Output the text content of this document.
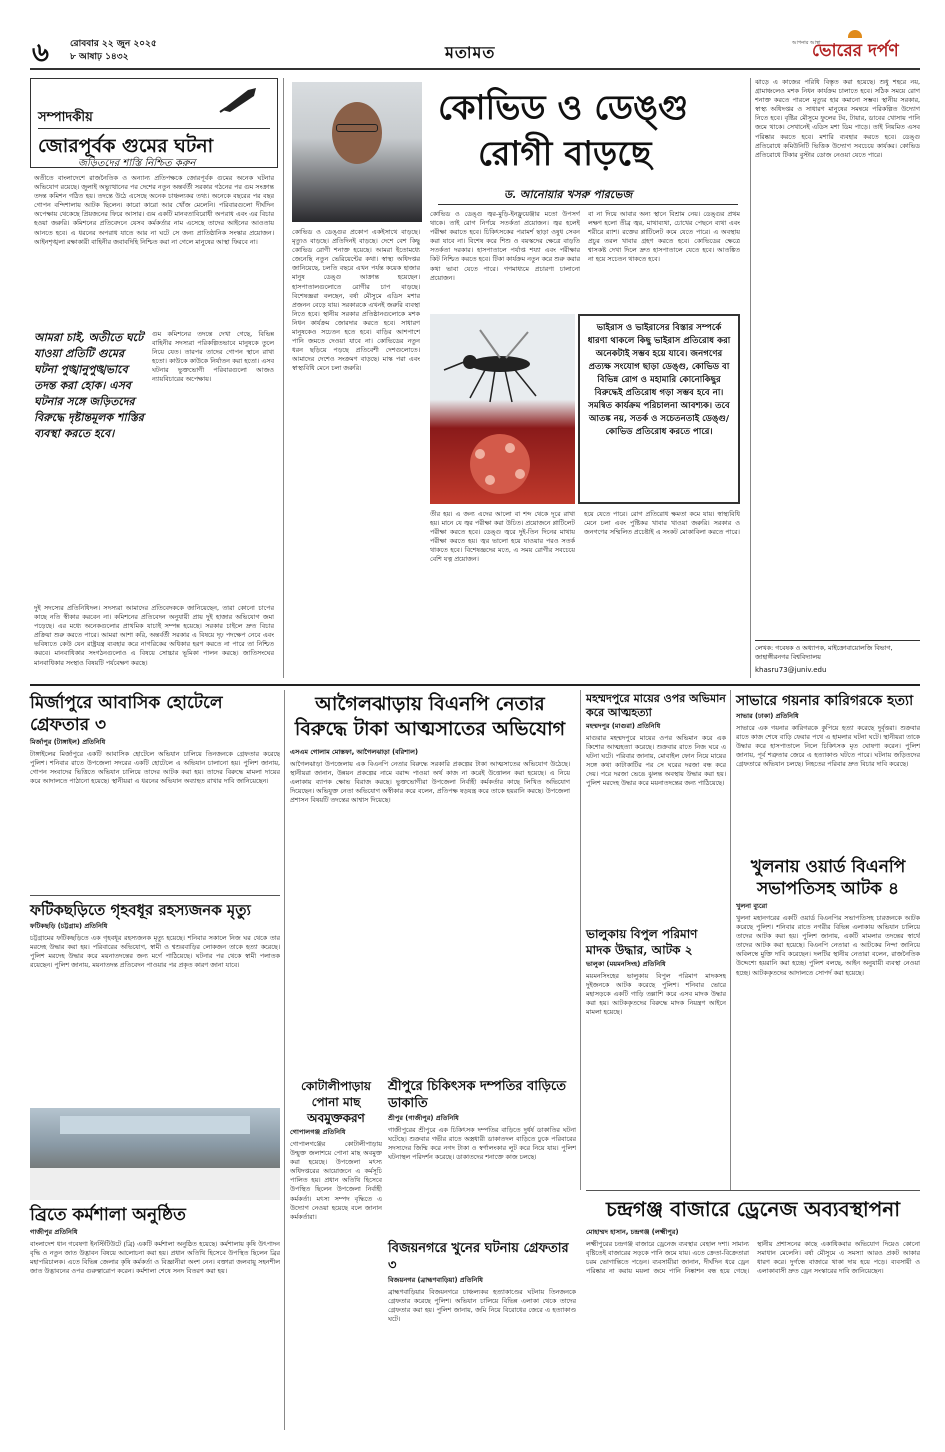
৬ রোববার ২২ জুন ২০২৫
৮ আষাঢ় ১৪৩২	মতামত	আপনার আস্থা
ভোরের দর্পণ
সম্পাদকীয়
জোরপূর্বক গুমের ঘটনা
জড়িতদের শাস্তি নিশ্চিত করুন
অতীতে বাংলাদেশে রাজনৈতিক ও অন্যান্য প্রতিপক্ষকে জোরপূর্বক গুমের অনেক ঘটনার অভিযোগ রয়েছে। জুলাই অভ্যুত্থানের পর দেশের নতুন অন্তর্বর্তী সরকার গঠনের পর গুম সংক্রান্ত তদন্ত কমিশন গঠিত হয়। তদন্তে উঠে এসেছে অনেক চাঞ্চল্যকর তথ্য। অনেকে বছরের পর বছর গোপন বন্দিশালায় আটক ছিলেন। কারো কারো আর খোঁজ মেলেনি। পরিবারগুলো দীর্ঘদিন অপেক্ষায় থেকেছে প্রিয়জনের ফিরে আসার। গুম একটি মানবতাবিরোধী অপরাধ এবং এর বিচার হওয়া জরুরি। কমিশনের প্রতিবেদনে যেসব কর্মকর্তার নাম এসেছে তাদের আইনের আওতায় আনতে হবে। এ ধরনের অপরাধ যাতে আর না ঘটে সে জন্য প্রাতিষ্ঠানিক সংস্কার প্রয়োজন। আইনশৃঙ্খলা রক্ষাকারী বাহিনীর জবাবদিহি নিশ্চিত করা না গেলে মানুষের আস্থা ফিরবে না।
আমরা চাই, অতীতে ঘটে যাওয়া প্রতিটি গুমের ঘটনা পুঙ্খানুপুঙ্খভাবে তদন্ত করা হোক। এসব ঘটনার সঙ্গে জড়িতদের বিরুদ্ধে দৃষ্টান্তমূলক শাস্তির ব্যবস্থা করতে হবে।
গুম কমিশনের তদন্তে দেখা গেছে, বিভিন্ন বাহিনীর সদস্যরা পরিকল্পিতভাবে মানুষকে তুলে নিয়ে যেত। তারপর তাদের গোপন স্থানে রাখা হতো। কাউকে কাউকে নির্যাতন করা হতো। এসব ঘটনার ভুক্তভোগী পরিবারগুলো আজও ন্যায়বিচারের অপেক্ষায়।
দুই সদস্যের প্রতিনিধিদল। সদস্যরা আমাদের প্রতিবেদককে জানিয়েছেন, তারা কোনো চাপের কাছে নতি স্বীকার করবেন না। কমিশনের প্রতিবেদন অনুযায়ী প্রায় দুই হাজার অভিযোগ জমা পড়েছে। এর মধ্যে অনেকগুলোর প্রাথমিক যাচাই সম্পন্ন হয়েছে। সরকার চাইলে দ্রুত বিচার প্রক্রিয়া শুরু করতে পারে। আমরা আশা করি, অন্তর্বর্তী সরকার এ বিষয়ে দৃঢ় পদক্ষেপ নেবে এবং ভবিষ্যতে কেউ যেন রাষ্ট্রযন্ত্র ব্যবহার করে নাগরিকের অধিকার হরণ করতে না পারে তা নিশ্চিত করবে। মানবাধিকার সংগঠনগুলোও এ বিষয়ে সোচ্চার ভূমিকা পালন করছে। জাতিসংঘের মানবাধিকার সংস্থাও বিষয়টি পর্যবেক্ষণ করছে।
কোভিড ও ডেঙ্গু
রোগী বাড়ছে
ড. আনোয়ার খসরু পারভেজ
কোভিড ও ডেঙ্গুর প্রকোপ একইসাথে বাড়ছে। মৃত্যুও বাড়ছে। প্রতিদিনই বাড়ছে। দেশে বেশ কিছু কোভিড রোগী শনাক্ত হয়েছে। আমরা ইতোমধ্যে জেনেছি নতুন ভেরিয়েন্টের কথা। স্বাস্থ্য অধিদপ্তর জানিয়েছে, চলতি বছরে এখন পর্যন্ত কয়েক হাজার মানুষ ডেঙ্গু আক্রান্ত হয়েছেন। হাসপাতালগুলোতে রোগীর চাপ বাড়ছে। বিশেষজ্ঞরা বলছেন, বর্ষা মৌসুমে এডিস মশার প্রজনন বেড়ে যায়। সরকারকে এখনই জরুরি ব্যবস্থা নিতে হবে। স্থানীয় সরকার প্রতিষ্ঠানগুলোকে মশক নিধন কার্যক্রম জোরদার করতে হবে। সাধারণ মানুষকেও সচেতন হতে হবে। বাড়ির আশপাশে পানি জমতে দেওয়া যাবে না। কোভিডের নতুন ধরন ছড়িয়ে পড়ছে প্রতিবেশী দেশগুলোতে। আমাদের দেশেও সংক্রমণ বাড়ছে। মাস্ক পরা এবং স্বাস্থ্যবিধি মেনে চলা জরুরি।
কোভিড ও ডেঙ্গু জ্বর-মুড়ি-ইনফ্লুয়েঞ্জার মতো উপসর্গ থাকে। তাই রোগ নির্ণয়ে সতর্কতা প্রয়োজন। জ্বর হলেই পরীক্ষা করাতে হবে। চিকিৎসকের পরামর্শ ছাড়া ওষুধ সেবন করা যাবে না। বিশেষ করে শিশু ও বয়স্কদের ক্ষেত্রে বাড়তি সতর্কতা দরকার। হাসপাতালে পর্যাপ্ত শয্যা এবং পরীক্ষার কিট নিশ্চিত করতে হবে। টিকা কার্যক্রম নতুন করে শুরু করার কথা ভাবা যেতে পারে। গণমাধ্যমে প্রচারণা চালানো প্রয়োজন।
বা না দিয়ে আবার অন্য স্থানে বিশ্রাম নেয়। ডেঙ্গুর প্রথম লক্ষণ হলো তীব্র জ্বর, মাথাব্যথা, চোখের পেছনে ব্যথা এবং শরীরে র‍্যাশ। রক্তের প্লাটিলেট কমে যেতে পারে। এ অবস্থায় প্রচুর তরল খাবার গ্রহণ করতে হবে। কোভিডের ক্ষেত্রে শ্বাসকষ্ট দেখা দিলে দ্রুত হাসপাতালে যেতে হবে। আতঙ্কিত না হয়ে সচেতন থাকতে হবে।
ভাইরাস ও ভাইরাসের বিস্তার সম্পর্কে ধারণা থাকলে কিছু ভাইরাস প্রতিরোধ করা অনেকটাই সম্ভব হয়ে যাবে। জনগণের প্রত্যক্ষ সংযোগ ছাড়া ডেঙ্গু, কোভিড বা বিভিন্ন রোগ ও মহামারি কোনোকিছুর বিরুদ্ধেই প্রতিরোধ গড়া সম্ভব হবে না। সমন্বিত কার্যক্রম পরিচালনা আবশ্যক। তবে আতঙ্ক নয়, সতর্ক ও সচেতনতাই ডেঙ্গু/কোভিড প্রতিরোধ করতে পারে।
তীর হয়। এ জন্য এদের আলো বা শব্দ থেকে দূরে রাখা হয়। মানে যে জ্বর পরীক্ষা করা উচিত। প্রয়োজনে প্লাটিলেট পরীক্ষা করতে হবে। ডেঙ্গু জ্বরে দুই-তিন দিনের মাথায় পরীক্ষা করতে হয়। জ্বর ভালো হয়ে যাওয়ার পরও সতর্ক থাকতে হবে। বিশেষজ্ঞদের মতে, এ সময় রোগীর সবচেয়ে বেশি যত্ন প্রয়োজন।
হয়ে যেতে পারে। রোগ প্রতিরোধ ক্ষমতা কমে যায়। স্বাস্থ্যবিধি মেনে চলা এবং পুষ্টিকর খাবার খাওয়া জরুরি। সরকার ও জনগণের সম্মিলিত প্রচেষ্টাই এ সংকট মোকাবিলা করতে পারে।
ঝাড়ে এ কাজের পরিধি বিস্তৃত করা হয়েছে। শুধু শহরে নয়, গ্রামাঞ্চলেও মশক নিধন কার্যক্রম চালাতে হবে। সঠিক সময়ে রোগ শনাক্ত করতে পারলে মৃত্যুর হার কমানো সম্ভব। স্থানীয় সরকার, স্বাস্থ্য অধিদপ্তর ও সাধারণ মানুষের সমন্বয়ে পরিকল্পিত উদ্যোগ নিতে হবে। বৃষ্টির মৌসুমে ফুলের টব, টায়ার, ডাবের খোসায় পানি জমে থাকে। সেখানেই এডিস মশা ডিম পাড়ে। তাই নিয়মিত এসব পরিষ্কার করতে হবে। মশারি ব্যবহার করতে হবে। ডেঙ্গু প্রতিরোধে কমিউনিটি ভিত্তিক উদ্যোগ সবচেয়ে কার্যকর। কোভিড প্রতিরোধে টিকার বুস্টার ডোজ নেওয়া যেতে পারে।
লেখক: গবেষক ও অধ্যাপক, মাইক্রোবায়োলজি বিভাগ, জাহাঙ্গীরনগর বিশ্ববিদ্যালয়
khasru73@juniv.edu
মির্জাপুরে আবাসিক হোটেলে গ্রেফতার ৩
মির্জাপুর (টাঙ্গাইল) প্রতিনিধি
টাঙ্গাইলের মির্জাপুরে একটি আবাসিক হোটেলে অভিযান চালিয়ে তিনজনকে গ্রেফতার করেছে পুলিশ। শনিবার রাতে উপজেলা সদরের একটি হোটেলে এ অভিযান চালানো হয়। পুলিশ জানায়, গোপন সংবাদের ভিত্তিতে অভিযান চালিয়ে তাদের আটক করা হয়। তাদের বিরুদ্ধে মামলা দায়ের করে আদালতে পাঠানো হয়েছে। স্থানীয়রা এ ধরনের অভিযান অব্যাহত রাখার দাবি জানিয়েছেন।
ফটিকছড়িতে গৃহবধূর রহস্যজনক মৃত্যু
ফটিকছড়ি (চট্টগ্রাম) প্রতিনিধি
চট্টগ্রামের ফটিকছড়িতে এক গৃহবধূর রহস্যজনক মৃত্যু হয়েছে। শনিবার সকালে নিজ ঘর থেকে তার মরদেহ উদ্ধার করা হয়। পরিবারের অভিযোগ, স্বামী ও শ্বশুরবাড়ির লোকজন তাকে হত্যা করেছে। পুলিশ মরদেহ উদ্ধার করে ময়নাতদন্তের জন্য মর্গে পাঠিয়েছে। ঘটনার পর থেকে স্বামী পলাতক রয়েছেন। পুলিশ জানায়, ময়নাতদন্ত প্রতিবেদন পাওয়ার পর প্রকৃত কারণ জানা যাবে।
ব্রিতে কর্মশালা অনুষ্ঠিত
গাজীপুর প্রতিনিধি
বাংলাদেশ ধান গবেষণা ইনস্টিটিউটে (ব্রি) একটি কর্মশালা অনুষ্ঠিত হয়েছে। কর্মশালায় কৃষি উৎপাদন বৃদ্ধি ও নতুন জাত উদ্ভাবন বিষয়ে আলোচনা করা হয়। প্রধান অতিথি হিসেবে উপস্থিত ছিলেন ব্রির মহাপরিচালক। এতে বিভিন্ন জেলার কৃষি কর্মকর্তা ও বিজ্ঞানীরা অংশ নেন। বক্তারা জলবায়ু সহনশীল জাত উদ্ভাবনের ওপর গুরুত্বারোপ করেন। কর্মশালা শেষে সনদ বিতরণ করা হয়।
আগৈলঝাড়ায় বিএনপি নেতার বিরুদ্ধে টাকা আত্মসাতের অভিযোগ
এসএম গোলাম মোস্তফা, আগৈলঝাড়া (বরিশাল)
আগৈলঝাড়া উপজেলায় এক বিএনপি নেতার বিরুদ্ধে সরকারি প্রকল্পের টাকা আত্মসাতের অভিযোগ উঠেছে। স্থানীয়রা জানান, উন্নয়ন প্রকল্পের নামে বরাদ্দ পাওয়া অর্থ কাজ না করেই উত্তোলন করা হয়েছে। এ নিয়ে এলাকায় ব্যাপক ক্ষোভ বিরাজ করছে। ভুক্তভোগীরা উপজেলা নির্বাহী কর্মকর্তার কাছে লিখিত অভিযোগ দিয়েছেন। অভিযুক্ত নেতা অভিযোগ অস্বীকার করে বলেন, প্রতিপক্ষ ষড়যন্ত্র করে তাকে হয়রানি করছে। উপজেলা প্রশাসন বিষয়টি তদন্তের আশ্বাস দিয়েছে।
কোটালীপাড়ায় পোনা মাছ অবমুক্তকরণ
গোপালগঞ্জ প্রতিনিধি
গোপালগঞ্জের কোটালীপাড়ায় উন্মুক্ত জলাশয়ে পোনা মাছ অবমুক্ত করা হয়েছে। উপজেলা মৎস্য অধিদপ্তরের আয়োজনে এ কর্মসূচি পালিত হয়। প্রধান অতিথি হিসেবে উপস্থিত ছিলেন উপজেলা নির্বাহী কর্মকর্তা। মৎস্য সম্পদ বৃদ্ধিতে এ উদ্যোগ নেওয়া হয়েছে বলে জানান কর্মকর্তারা।
শ্রীপুরে চিকিৎসক দম্পতির বাড়িতে ডাকাতি
শ্রীপুর (গাজীপুর) প্রতিনিধি
গাজীপুরের শ্রীপুরে এক চিকিৎসক দম্পতির বাড়িতে দুর্ধর্ষ ডাকাতির ঘটনা ঘটেছে। শুক্রবার গভীর রাতে অস্ত্রধারী ডাকাতদল বাড়িতে ঢুকে পরিবারের সদস্যদের জিম্মি করে নগদ টাকা ও স্বর্ণালংকার লুট করে নিয়ে যায়। পুলিশ ঘটনাস্থল পরিদর্শন করেছে। ডাকাতদের শনাক্তে কাজ চলছে।
বিজয়নগরে খুনের ঘটনায় গ্রেফতার ৩
বিজয়নগর (ব্রাহ্মণবাড়িয়া) প্রতিনিধি
ব্রাহ্মণবাড়িয়ার বিজয়নগরে চাঞ্চল্যকর হত্যাকাণ্ডের ঘটনায় তিনজনকে গ্রেফতার করেছে পুলিশ। অভিযান চালিয়ে বিভিন্ন এলাকা থেকে তাদের গ্রেফতার করা হয়। পুলিশ জানায়, জমি নিয়ে বিরোধের জেরে এ হত্যাকাণ্ড ঘটে।
মহম্মদপুরে মায়ের ওপর অভিমান করে আত্মহত্যা
মহম্মদপুর (মাগুরা) প্রতিনিধি
মাগুরার মহম্মদপুরে মায়ের ওপর অভিমান করে এক কিশোর আত্মহত্যা করেছে। শুক্রবার রাতে নিজ ঘরে এ ঘটনা ঘটে। পরিবার জানায়, মোবাইল ফোন নিয়ে মায়ের সঙ্গে কথা কাটাকাটির পর সে ঘরের দরজা বন্ধ করে দেয়। পরে দরজা ভেঙে ঝুলন্ত অবস্থায় উদ্ধার করা হয়। পুলিশ মরদেহ উদ্ধার করে ময়নাতদন্তের জন্য পাঠিয়েছে।
ভালুকায় বিপুল পরিমাণ মাদক উদ্ধার, আটক ২
ভালুকা (ময়মনসিংহ) প্রতিনিধি
ময়মনসিংহের ভালুকায় বিপুল পরিমাণ মাদকসহ দুইজনকে আটক করেছে পুলিশ। শনিবার ভোরে মহাসড়কে একটি গাড়ি তল্লাশি করে এসব মাদক উদ্ধার করা হয়। আটককৃতদের বিরুদ্ধে মাদক নিয়ন্ত্রণ আইনে মামলা হয়েছে।
সাভারে গয়নার কারিগরকে হত্যা
সাভার (ঢাকা) প্রতিনিধি
সাভারে এক গয়নার কারিগরকে কুপিয়ে হত্যা করেছে দুর্বৃত্তরা। শুক্রবার রাতে কাজ শেষে বাড়ি ফেরার পথে এ হামলার ঘটনা ঘটে। স্থানীয়রা তাকে উদ্ধার করে হাসপাতালে নিলে চিকিৎসক মৃত ঘোষণা করেন। পুলিশ জানায়, পূর্ব শত্রুতার জেরে এ হত্যাকাণ্ড ঘটতে পারে। ঘটনায় জড়িতদের গ্রেফতারে অভিযান চলছে। নিহতের পরিবার দ্রুত বিচার দাবি করেছে।
খুলনায় ওয়ার্ড বিএনপি সভাপতিসহ আটক ৪
খুলনা ব্যুরো
খুলনা মহানগরের একটি ওয়ার্ড বিএনপির সভাপতিসহ চারজনকে আটক করেছে পুলিশ। শনিবার রাতে নগরীর বিভিন্ন এলাকায় অভিযান চালিয়ে তাদের আটক করা হয়। পুলিশ জানায়, একটি মামলার তদন্তের স্বার্থে তাদের আটক করা হয়েছে। বিএনপি নেতারা এ আটকের নিন্দা জানিয়ে অবিলম্বে মুক্তি দাবি করেছেন। দলটির স্থানীয় নেতারা বলেন, রাজনৈতিক উদ্দেশ্যে হয়রানি করা হচ্ছে। পুলিশ বলছে, আইন অনুযায়ী ব্যবস্থা নেওয়া হচ্ছে। আটককৃতদের আদালতে সোপর্দ করা হয়েছে।
চন্দ্রগঞ্জ বাজারে ড্রেনেজ অব্যবস্থাপনা
মোহাম্মদ হাসান, চন্দ্রগঞ্জ (লক্ষ্মীপুর)
লক্ষ্মীপুরের চন্দ্রগঞ্জ বাজারে ড্রেনেজ ব্যবস্থার বেহাল দশা। সামান্য বৃষ্টিতেই বাজারের সড়কে পানি জমে যায়। এতে ক্রেতা-বিক্রেতারা চরম ভোগান্তিতে পড়েন। ব্যবসায়ীরা জানান, দীর্ঘদিন ধরে ড্রেন পরিষ্কার না করায় ময়লা জমে পানি নিষ্কাশন বন্ধ হয়ে গেছে। স্থানীয় প্রশাসনের কাছে একাধিকবার অভিযোগ দিয়েও কোনো সমাধান মেলেনি। বর্ষা মৌসুমে এ সমস্যা আরও প্রকট আকার ধারণ করে। দুর্গন্ধে বাজারে থাকা দায় হয়ে পড়ে। ব্যবসায়ী ও এলাকাবাসী দ্রুত ড্রেন সংস্কারের দাবি জানিয়েছেন।
